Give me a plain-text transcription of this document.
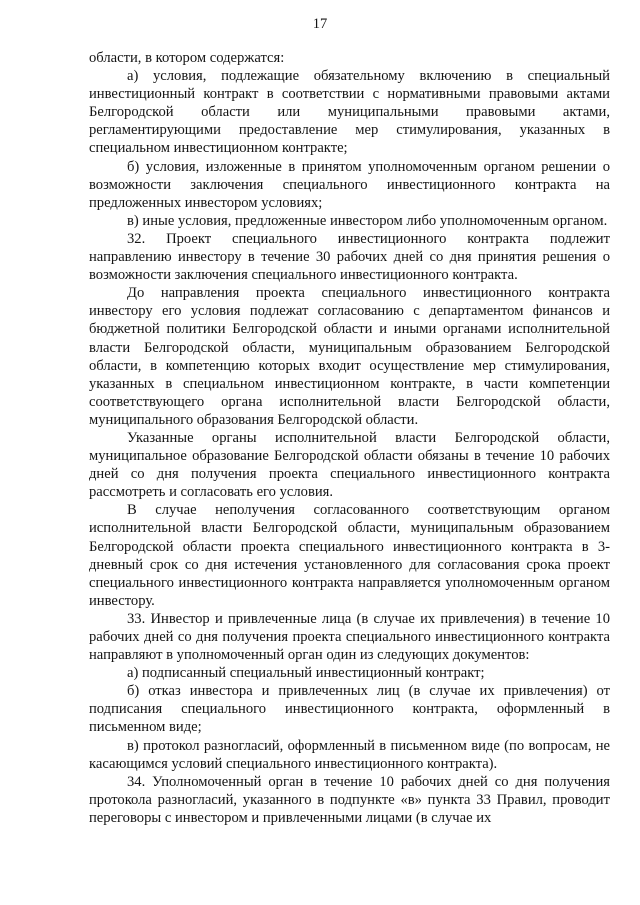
17

области, в котором содержатся:

а) условия, подлежащие обязательному включению в специальный инвестиционный контракт в соответствии с нормативными правовыми актами Белгородской области или муниципальными правовыми актами, регламентирующими предоставление мер стимулирования, указанных в специальном инвестиционном контракте;

б) условия, изложенные в принятом уполномоченным органом решении о возможности заключения специального инвестиционного контракта на предложенных инвестором условиях;

в) иные условия, предложенные инвестором либо уполномоченным органом.

32. Проект специального инвестиционного контракта подлежит направлению инвестору в течение 30 рабочих дней со дня принятия решения о возможности заключения специального инвестиционного контракта.

До направления проекта специального инвестиционного контракта инвестору его условия подлежат согласованию с департаментом финансов и бюджетной политики Белгородской области и иными органами исполнительной власти Белгородской области, муниципальным образованием Белгородской области, в компетенцию которых входит осуществление мер стимулирования, указанных в специальном инвестиционном контракте, в части компетенции соответствующего органа исполнительной власти Белгородской области, муниципального образования Белгородской области.

Указанные органы исполнительной власти Белгородской области, муниципальное образование Белгородской области обязаны в течение 10 рабочих дней со дня получения проекта специального инвестиционного контракта рассмотреть и согласовать его условия.

В случае неполучения согласованного соответствующим органом исполнительной власти Белгородской области, муниципальным образованием Белгородской области проекта специального инвестиционного контракта в 3-дневный срок со дня истечения установленного для согласования срока проект специального инвестиционного контракта направляется уполномоченным органом инвестору.

33. Инвестор и привлеченные лица (в случае их привлечения) в течение 10 рабочих дней со дня получения проекта специального инвестиционного контракта направляют в уполномоченный орган один из следующих документов:

а) подписанный специальный инвестиционный контракт;

б) отказ инвестора и привлеченных лиц (в случае их привлечения) от подписания специального инвестиционного контракта, оформленный в письменном виде;

в) протокол разногласий, оформленный в письменном виде (по вопросам, не касающимся условий специального инвестиционного контракта).

34. Уполномоченный орган в течение 10 рабочих дней со дня получения протокола разногласий, указанного в подпункте «в» пункта 33 Правил, проводит переговоры с инвестором и привлеченными лицами (в случае их
